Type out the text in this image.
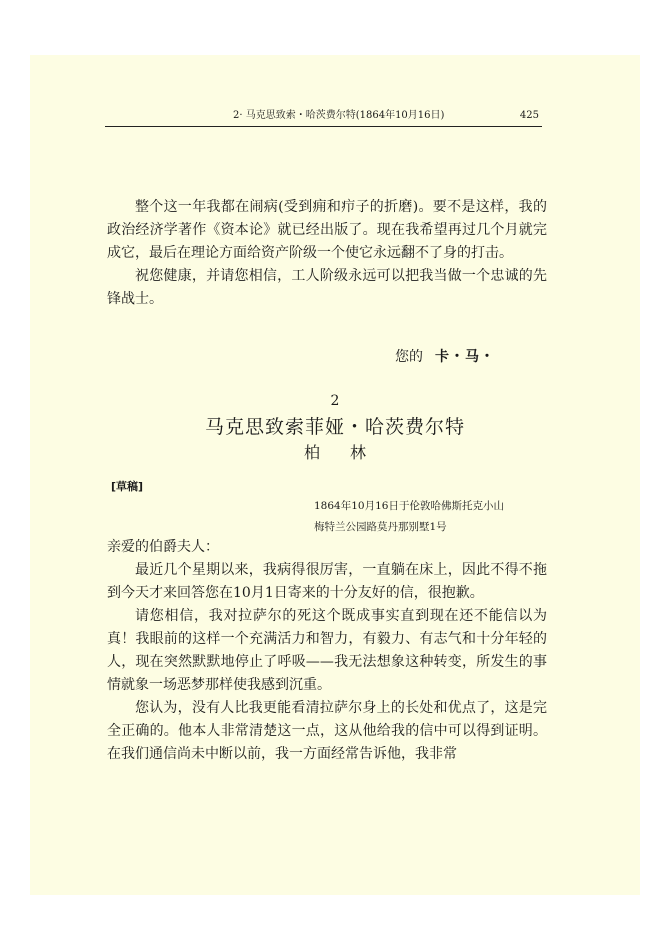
2· 马克思致索・哈茨费尔特(1864年10月16日)	425

整个这一年我都在闹病(受到痈和疖子的折磨)。要不是这样，我的政治经济学著作《资本论》就已经出版了。现在我希望再过几个月就完成它，最后在理论方面给资产阶级一个使它永远翻不了身的打击。

祝您健康，并请您相信，工人阶级永远可以把我当做一个忠诚的先锋战士。

您的 卡・马・
2
马克思致索菲娅・哈茨费尔特
柏林
[草稿]
1864年10月16日于伦敦哈佛斯托克小山
梅特兰公园路莫丹那别墅1号
亲爱的伯爵夫人：

最近几个星期以来，我病得很厉害，一直躺在床上，因此不得不拖到今天才来回答您在10月1日寄来的十分友好的信，很抱歉。

请您相信，我对拉萨尔的死这个既成事实直到现在还不能信以为真！我眼前的这样一个充满活力和智力，有毅力、有志气和十分年轻的人，现在突然默默地停止了呼吸——我无法想象这种转变，所发生的事情就象一场恶梦那样使我感到沉重。

您认为，没有人比我更能看清拉萨尔身上的长处和优点了，这是完全正确的。他本人非常清楚这一点，这从他给我的信中可以得到证明。在我们通信尚未中断以前，我一方面经常告诉他，我非常
